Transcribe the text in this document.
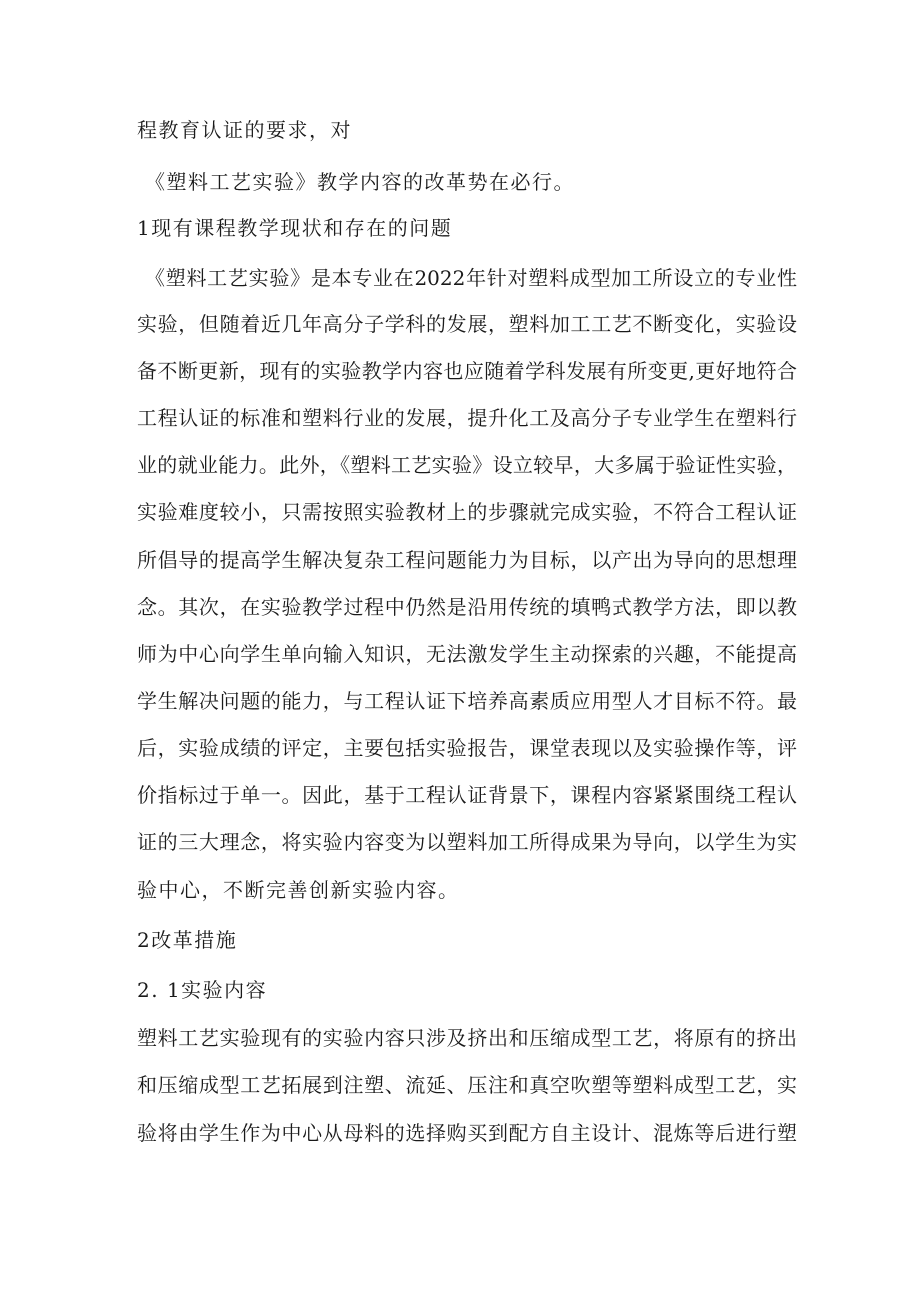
程教育认证的要求，对
《塑料工艺实验》教学内容的改革势在必行。
1现有课程教学现状和存在的问题
《塑料工艺实验》是本专业在2022年针对塑料成型加工所设立的专业性
实验，但随着近几年高分子学科的发展，塑料加工工艺不断变化，实验设
备不断更新，现有的实验教学内容也应随着学科发展有所变更,更好地符合
工程认证的标准和塑料行业的发展，提升化工及高分子专业学生在塑料行
业的就业能力。此外，《塑料工艺实验》设立较早，大多属于验证性实验，
实验难度较小，只需按照实验教材上的步骤就完成实验，不符合工程认证
所倡导的提高学生解决复杂工程问题能力为目标，以产出为导向的思想理
念。其次，在实验教学过程中仍然是沿用传统的填鸭式教学方法，即以教
师为中心向学生单向输入知识，无法激发学生主动探索的兴趣，不能提高
学生解决问题的能力，与工程认证下培养高素质应用型人才目标不符。最
后，实验成绩的评定，主要包括实验报告，课堂表现以及实验操作等，评
价指标过于单一。因此，基于工程认证背景下，课程内容紧紧围绕工程认
证的三大理念，将实验内容变为以塑料加工所得成果为导向，以学生为实
验中心，不断完善创新实验内容。
2改革措施
2. 1实验内容
塑料工艺实验现有的实验内容只涉及挤出和压缩成型工艺，将原有的挤出
和压缩成型工艺拓展到注塑、流延、压注和真空吹塑等塑料成型工艺，实
验将由学生作为中心从母料的选择购买到配方自主设计、混炼等后进行塑
